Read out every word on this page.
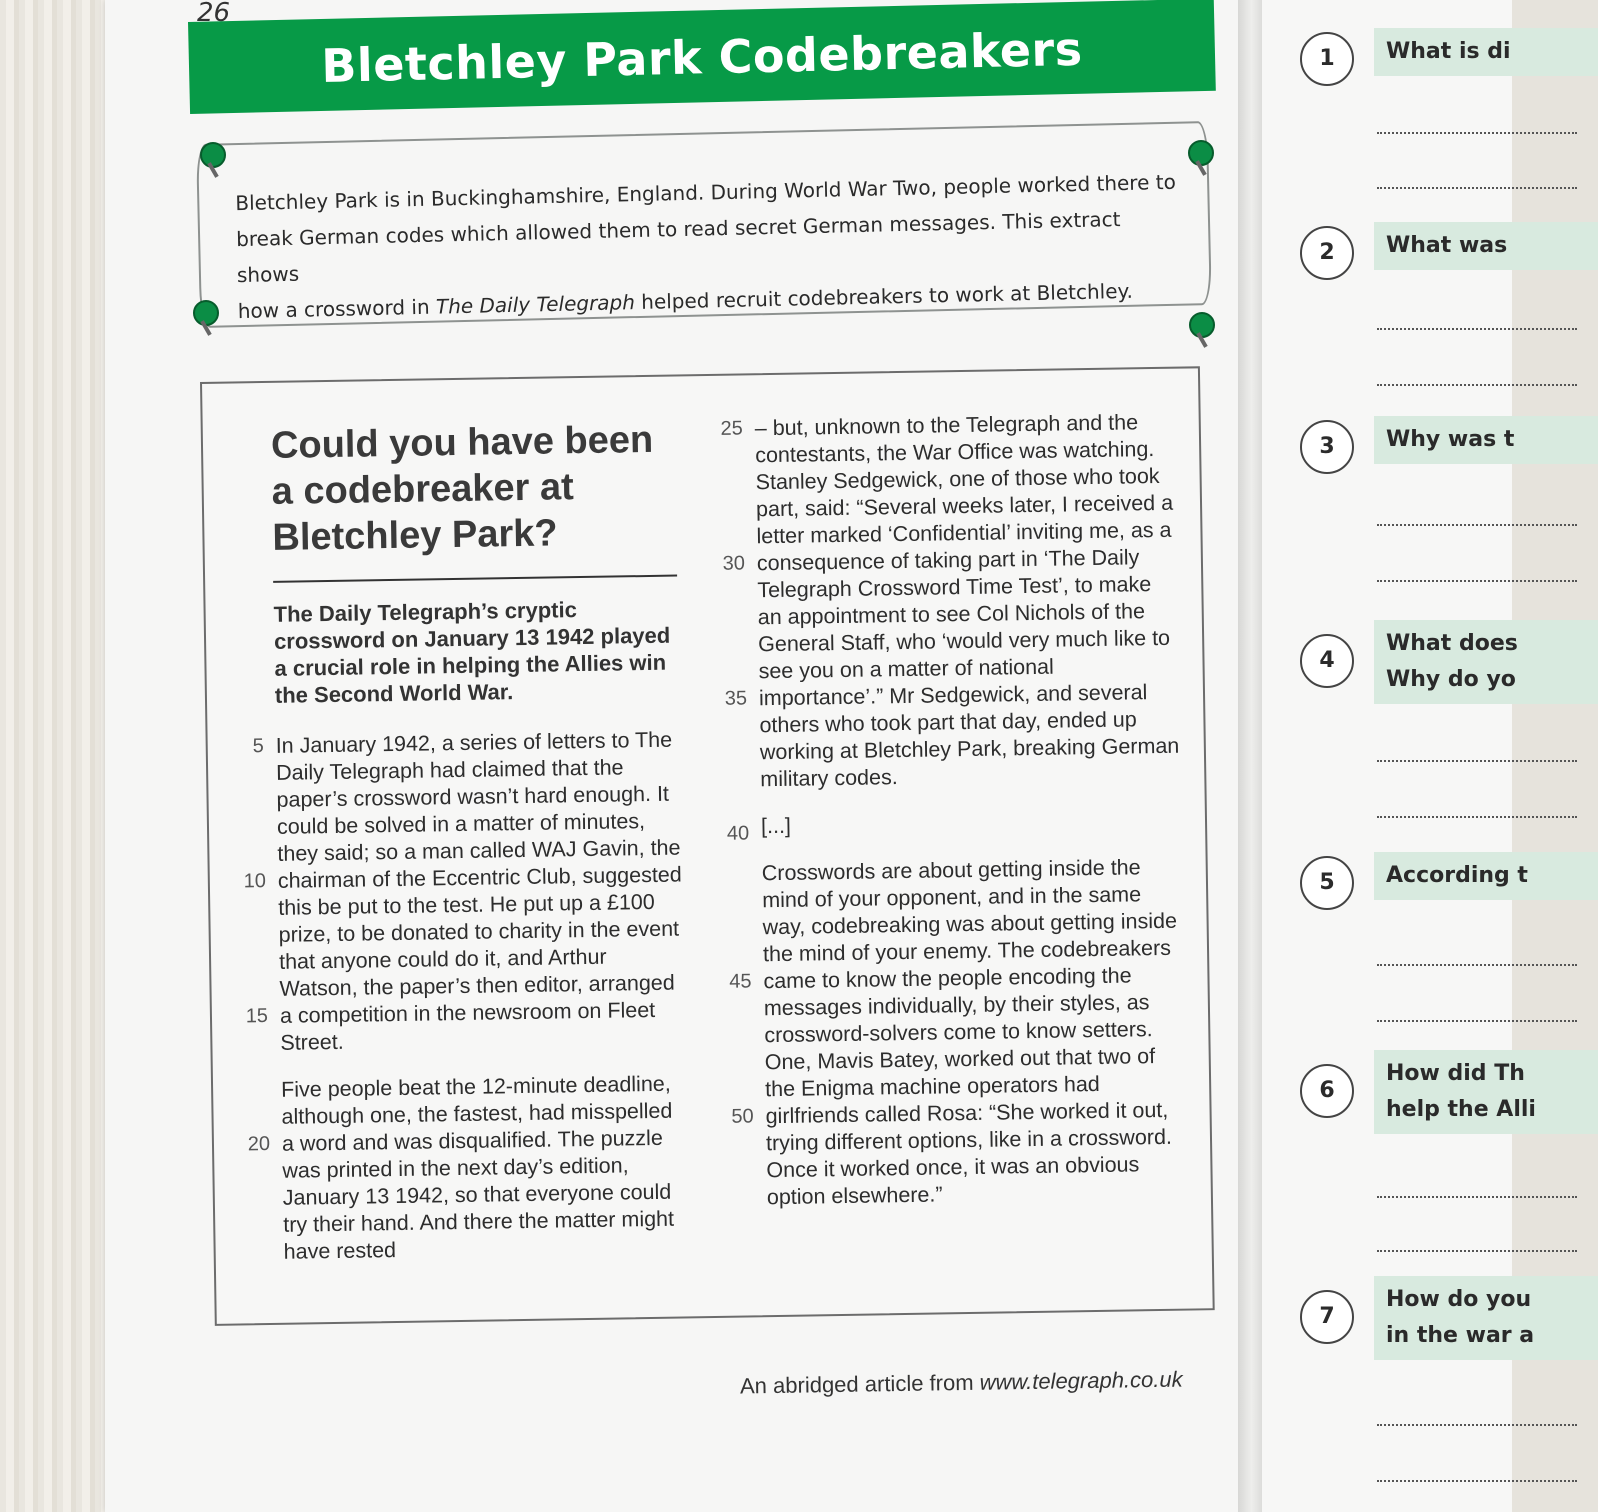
26
Bletchley Park Codebreakers
Bletchley Park is in Buckinghamshire, England. During World War Two, people worked there to
break German codes which allowed them to read secret German messages. This extract shows
how a crossword in The Daily Telegraph helped recruit codebreakers to work at Bletchley.
Could you have been a codebreaker at Bletchley Park?

The Daily Telegraph’s cryptic crossword on January 13 1942 played a crucial role in helping the Allies win the Second World War.

5
10
15
In January 1942, a series of letters to The Daily Telegraph had claimed that the paper’s crossword wasn’t hard enough. It could be solved in a matter of minutes, they said; so a man called WAJ Gavin, the chairman of the Eccentric Club, suggested this be put to the test. He put up a £100 prize, to be donated to charity in the event that anyone could do it, and Arthur Watson, the paper’s then editor, arranged a competition in the newsroom on Fleet Street.
20
Five people beat the 12-minute deadline, although one, the fastest, had misspelled a word and was disqualified. The puzzle was printed in the next day’s edition, January 13 1942, so that everyone could try their hand. And there the matter might have rested
25
30
35
40
– but, unknown to the Telegraph and the contestants, the War Office was watching. Stanley Sedgewick, one of those who took part, said: “Several weeks later, I received a letter marked ‘Confidential’ inviting me, as a consequence of taking part in ‘The Daily Telegraph Crossword Time Test’, to make an appointment to see Col Nichols of the General Staff, who ‘would very much like to see you on a matter of national importance’.” Mr Sedgewick, and several others who took part that day, ended up working at Bletchley Park, breaking German military codes.
[...]
45
50
Crosswords are about getting inside the mind of your opponent, and in the same way, codebreaking was about getting inside the mind of your enemy. The codebreakers came to know the people encoding the messages individually, by their styles, as crossword-solvers come to know setters. One, Mavis Batey, worked out that two of the Enigma machine operators had girlfriends called Rosa: “She worked it out, trying different options, like in a crossword. Once it worked once, it was an obvious option elsewhere.”
An abridged article from www.telegraph.co.uk
1	What is di
2	What was
3	Why was t
4
What does
Why do yo
5	According t
6
How did Th
help the Alli
7
How do you
in the war a
